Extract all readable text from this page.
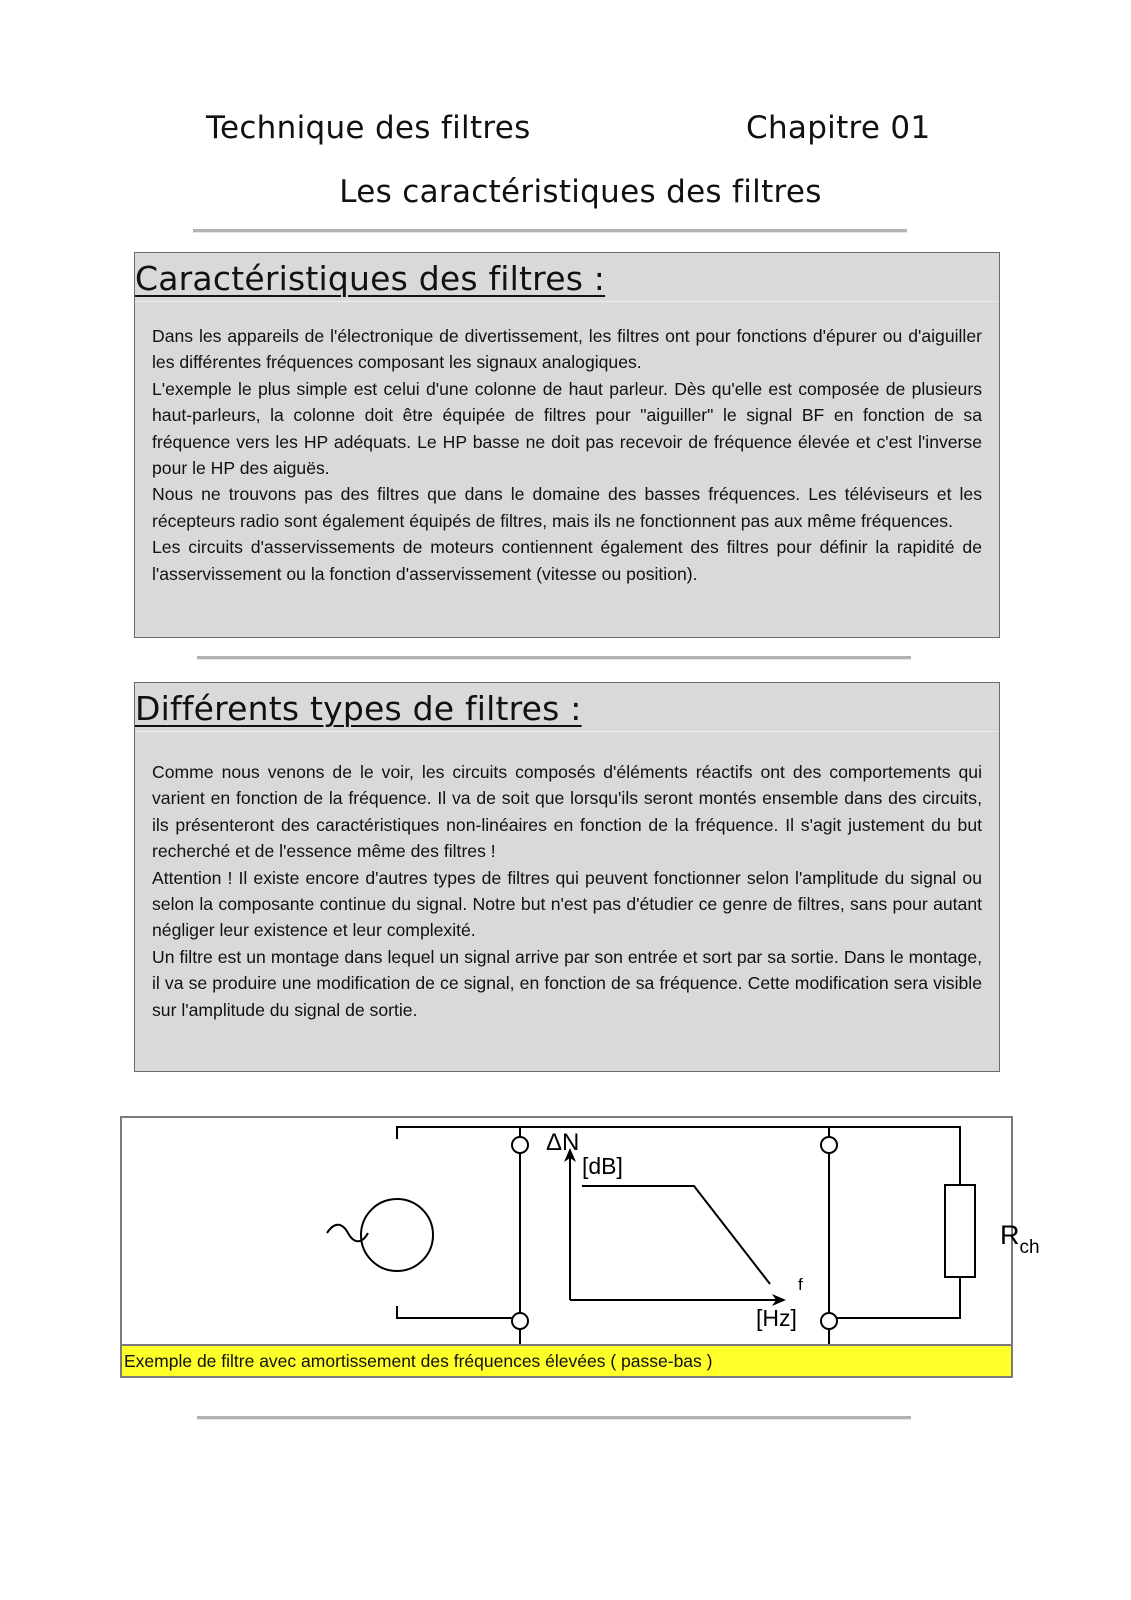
Technique des filtres	Chapitre 01
Les caractéristiques des filtres
Caractéristiques des filtres :

Dans les appareils de l'électronique de divertissement, les filtres ont pour fonctions d'épurer ou d'aiguiller les différentes fréquences composant les signaux analogiques.

L'exemple le plus simple est celui d'une colonne de haut parleur. Dès qu'elle est composée de plusieurs haut-parleurs, la colonne doit être équipée de filtres pour "aiguiller" le signal BF en fonction de sa fréquence vers les HP adéquats. Le HP basse ne doit pas recevoir de fréquence élevée et c'est l'inverse pour le HP des aiguës.

Nous ne trouvons pas des filtres que dans le domaine des basses fréquences. Les téléviseurs et les récepteurs radio sont également équipés de filtres, mais ils ne fonctionnent pas aux même fréquences.

Les circuits d'asservissements de moteurs contiennent également des filtres pour définir la rapidité de l'asservissement ou la fonction d'asservissement (vitesse ou position).

Différents types de filtres :

Comme nous venons de le voir, les circuits composés d'éléments réactifs ont des comportements qui varient en fonction de la fréquence. Il va de soit que lorsqu'ils seront montés ensemble dans des circuits, ils présenteront des caractéristiques non-linéaires en fonction de la fréquence. Il s'agit justement du but recherché et de l'essence même des filtres !

Attention ! Il existe encore d'autres types de filtres qui peuvent fonctionner selon l'amplitude du signal ou selon la composante continue du signal. Notre but n'est pas d'étudier ce genre de filtres, sans pour autant négliger leur existence et leur complexité.

Un filtre est un montage dans lequel un signal arrive par son entrée et sort par sa sortie. Dans le montage, il va se produire une modification de ce signal, en fonction de sa fréquence. Cette modification sera visible sur l'amplitude du signal de sortie.

ΔN
[dB]
f
[Hz]
$R_{ch}$
Exemple de filtre avec amortissement des fréquences élevées ( passe-bas )
